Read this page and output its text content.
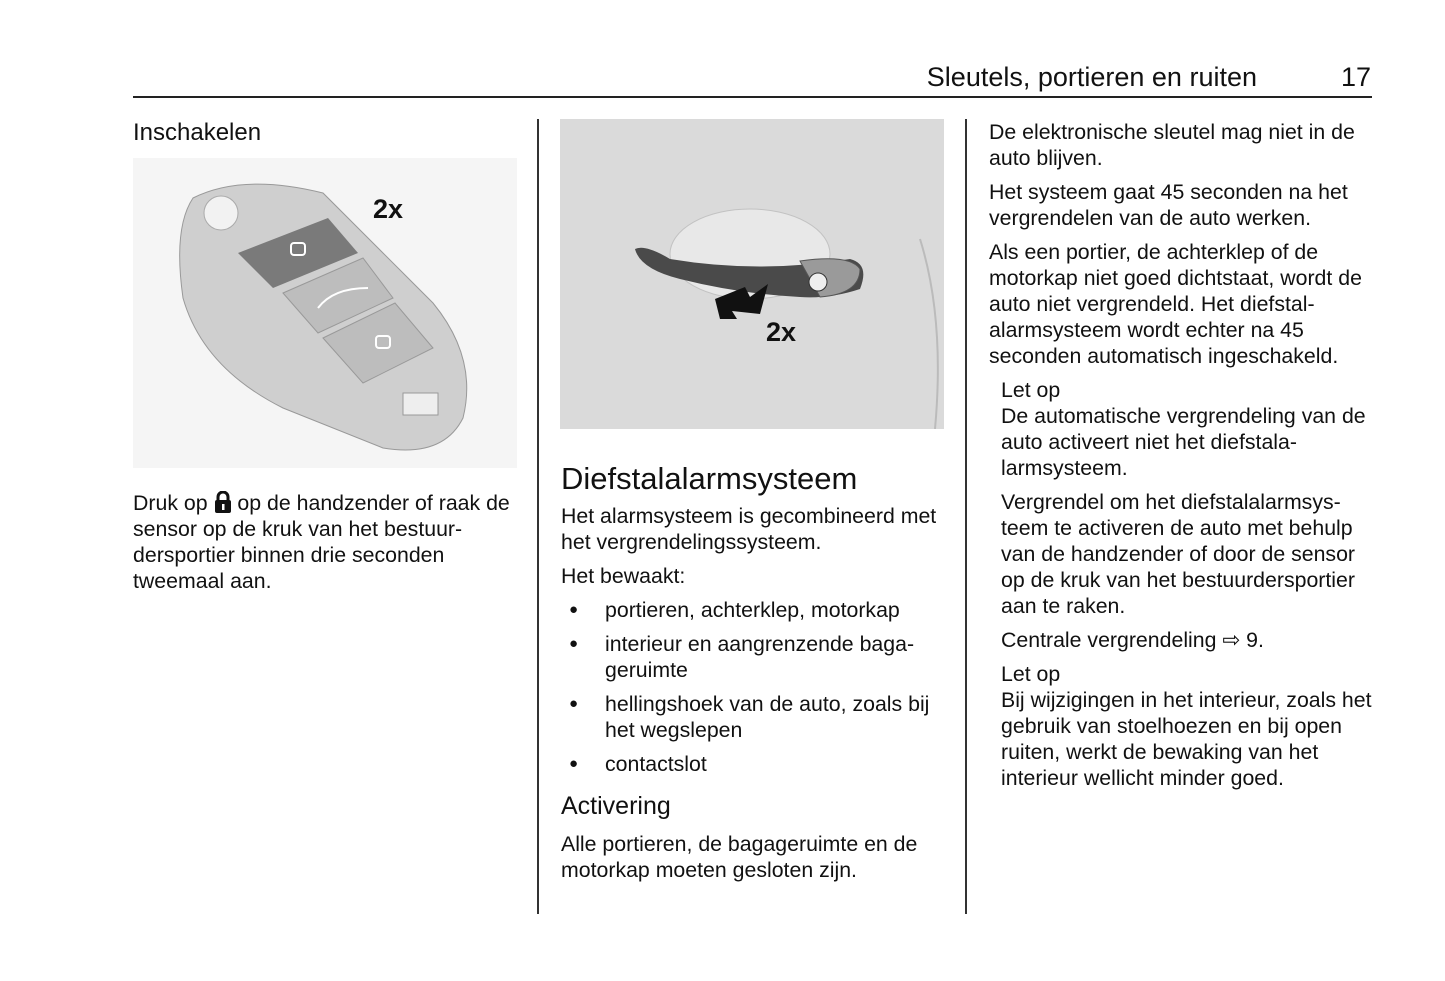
Sleutels, portieren en ruiten	17
Inschakelen
2x

Druk op op de handzender of raak de sensor op de kruk van het bestuurdersportier binnen drie seconden tweemaal aan.

2x
Diefstalalarmsysteem

Het alarmsysteem is gecombineerd met het vergrendelingssysteem.

Het bewaakt:

● portieren, achterklep, motorkap
● interieur en aangrenzende bagageruimte
● hellingshoek van de auto, zoals bij het wegslepen
● contactslot
Activering

Alle portieren, de bagageruimte en de motorkap moeten gesloten zijn.

De elektronische sleutel mag niet in de auto blijven.

Het systeem gaat 45 seconden na het vergrendelen van de auto werken.

Als een portier, de achterklep of de motorkap niet goed dichtstaat, wordt de auto niet vergrendeld. Het diefstalalarmsysteem wordt echter na 45 seconden automatisch ingeschakeld.

Let op
De automatische vergrendeling van de auto activeert niet het diefstalalarmsysteem.

Vergrendel om het diefstalalarmsysteem te activeren de auto met behulp van de handzender of door de sensor op de kruk van het bestuurdersportier aan te raken.

Centrale vergrendeling ⇨ 9.

Let op
Bij wijzigingen in het interieur, zoals het gebruik van stoelhoezen en bij open ruiten, werkt de bewaking van het interieur wellicht minder goed.
